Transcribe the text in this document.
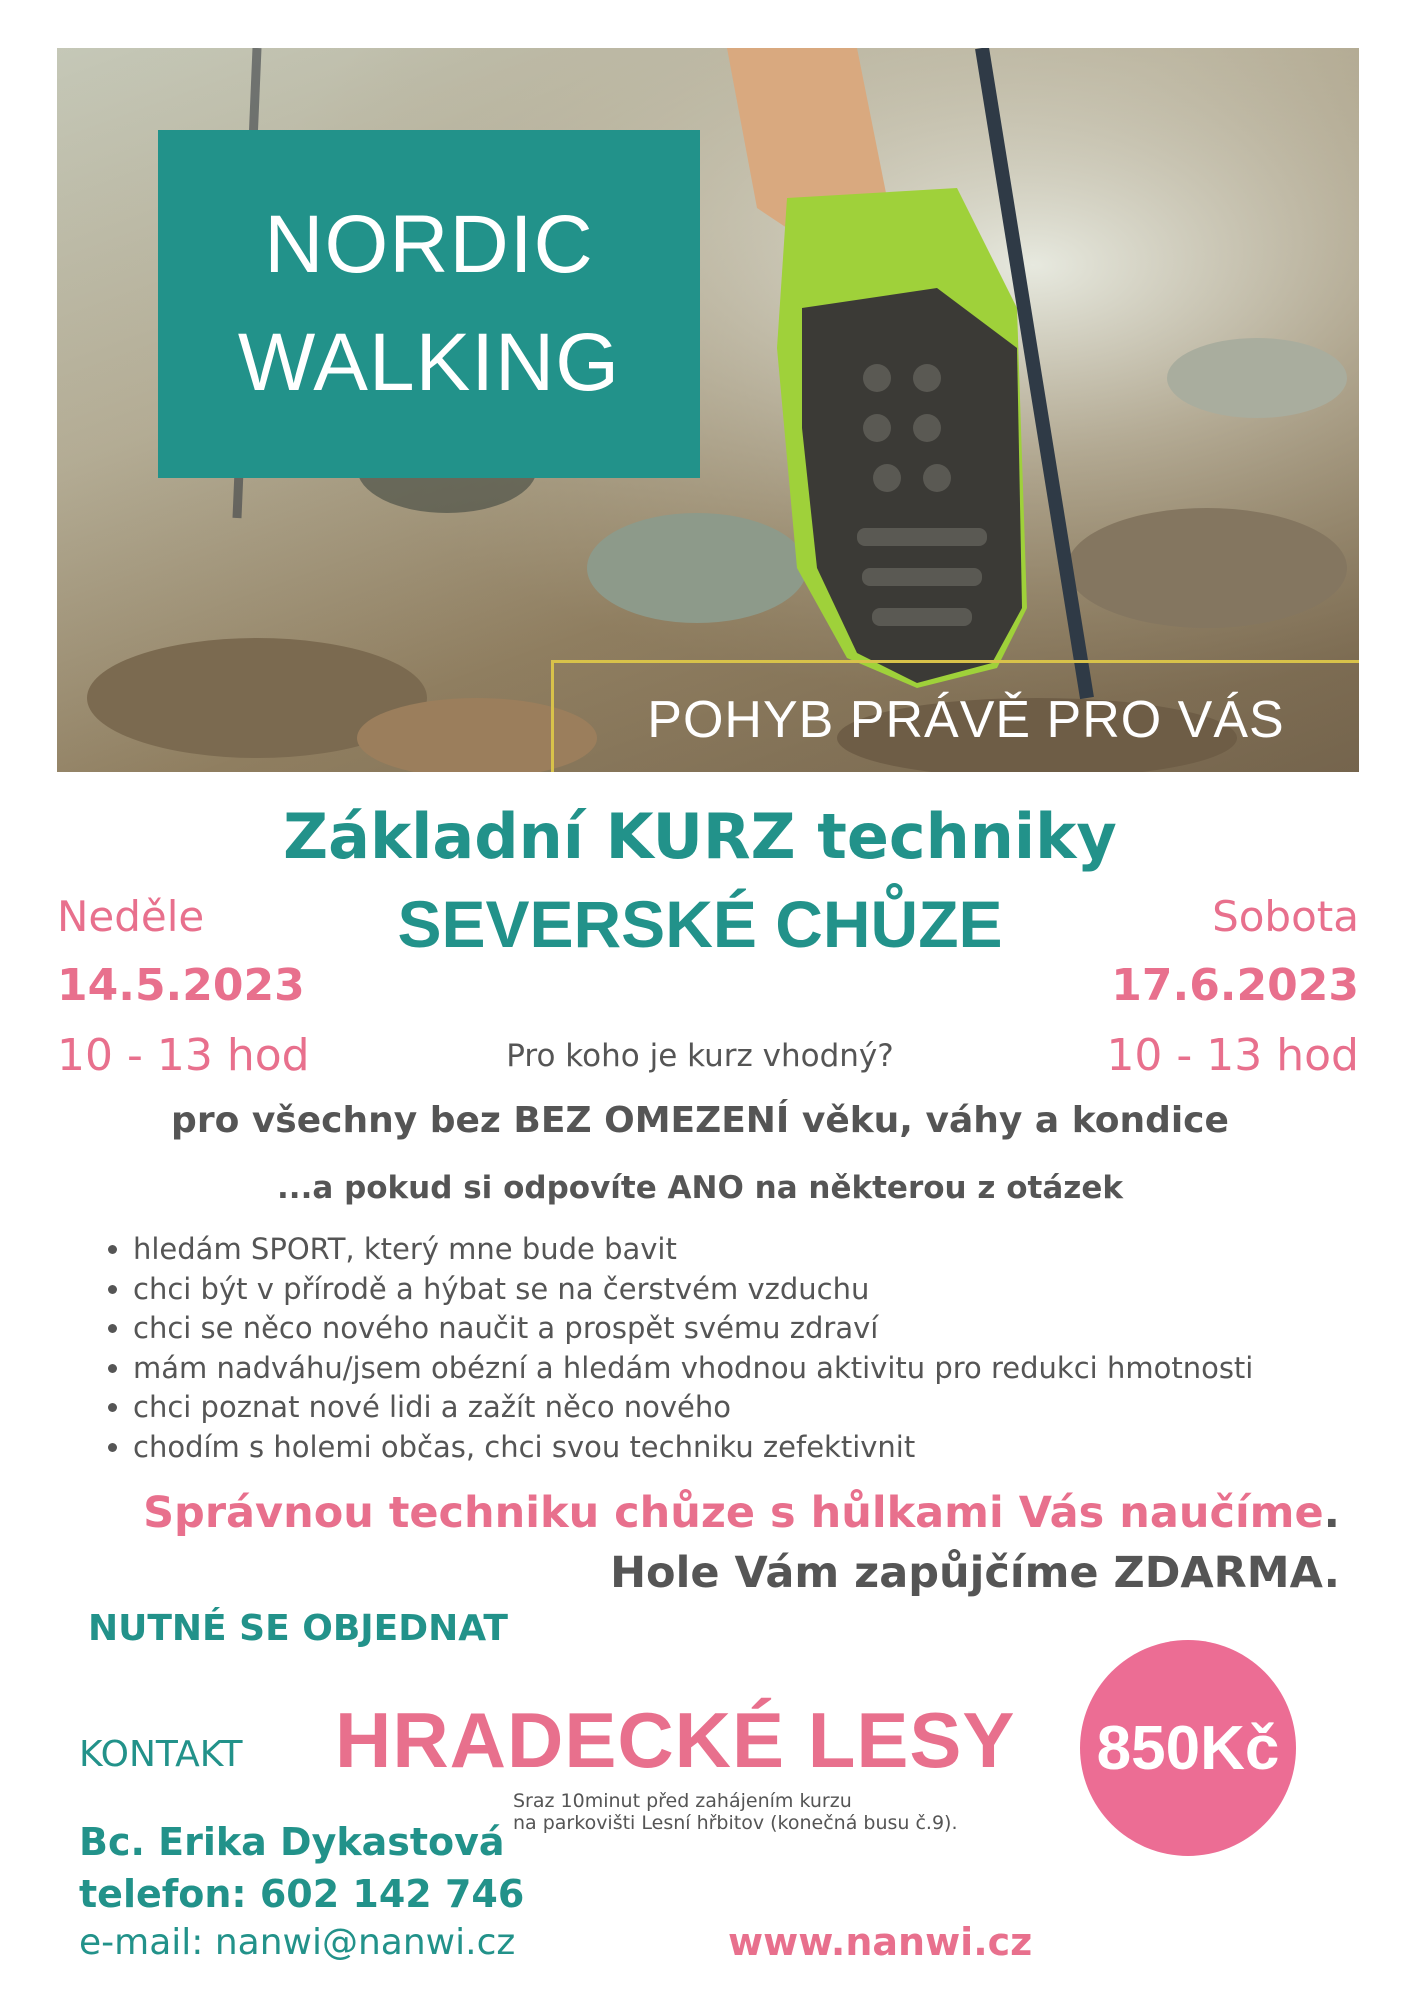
NORDIC
WALKING
POHYB PRÁVĚ PRO VÁS
Základní KURZ techniky
SEVERSKÉ CHŮZE
Neděle
14.5.2023
10 - 13 hod
Sobota
17.6.2023
10 - 13 hod
Pro koho je kurz vhodný?
pro všechny bez BEZ OMEZENÍ věku, váhy a kondice
...a pokud si odpovíte ANO na některou z otázek
• hledám SPORT, který mne bude bavit
• chci být v přírodě a hýbat se na čerstvém vzduchu
• chci se něco nového naučit a prospět svému zdraví
• mám nadváhu/jsem obézní a hledám vhodnou aktivitu pro redukci hmotnosti
• chci poznat nové lidi a zažít něco nového
• chodím s holemi občas, chci svou techniku zefektivnit
Správnou techniku chůze s hůlkami Vás naučíme.
Hole Vám zapůjčíme ZDARMA.
NUTNÉ SE OBJEDNAT
KONTAKT HRADECKÉ LESY
Sraz 10minut před zahájením kurzu
na parkovišti Lesní hřbitov (konečná busu č.9).
850Kč
Bc. Erika Dykastová
telefon: 602 142 746
e-mail: nanwi@nanwi.cz	www.nanwi.cz
